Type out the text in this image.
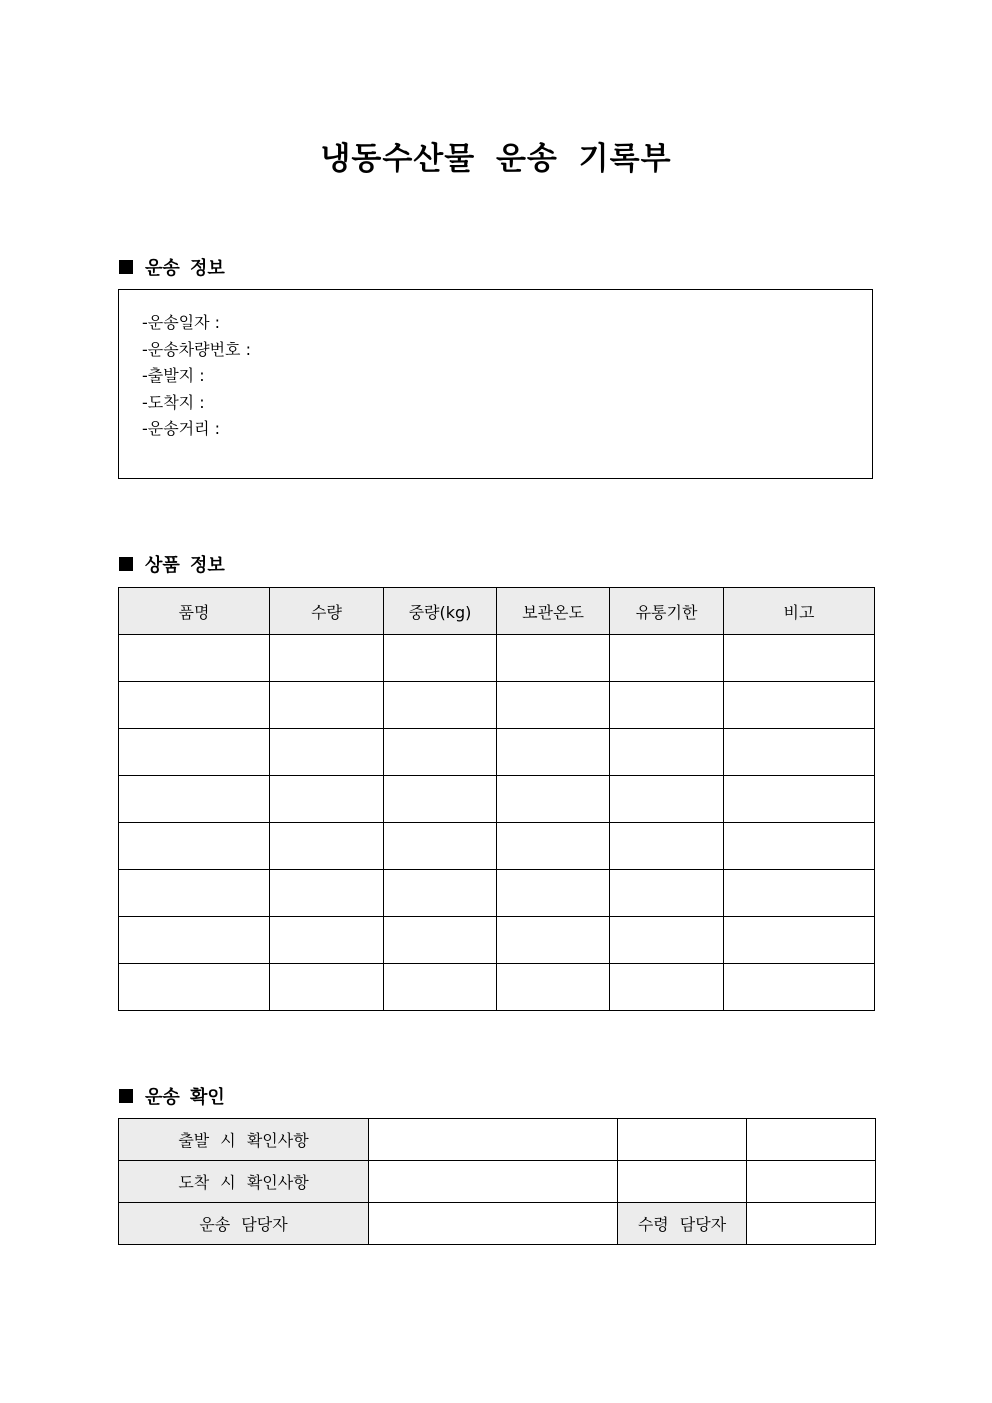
냉동수산물 운송 기록부
운송 정보
-운송일자 :
-운송차량번호 :
-출발지 :
-도착지 :
-운송거리 :
상품 정보
품명	수량	중량(kg)	보관온도	유통기한	비고

운송 확인
출발 시 확인사항			
도착 시 확인사항			
운송 담당자		수령 담당자	
